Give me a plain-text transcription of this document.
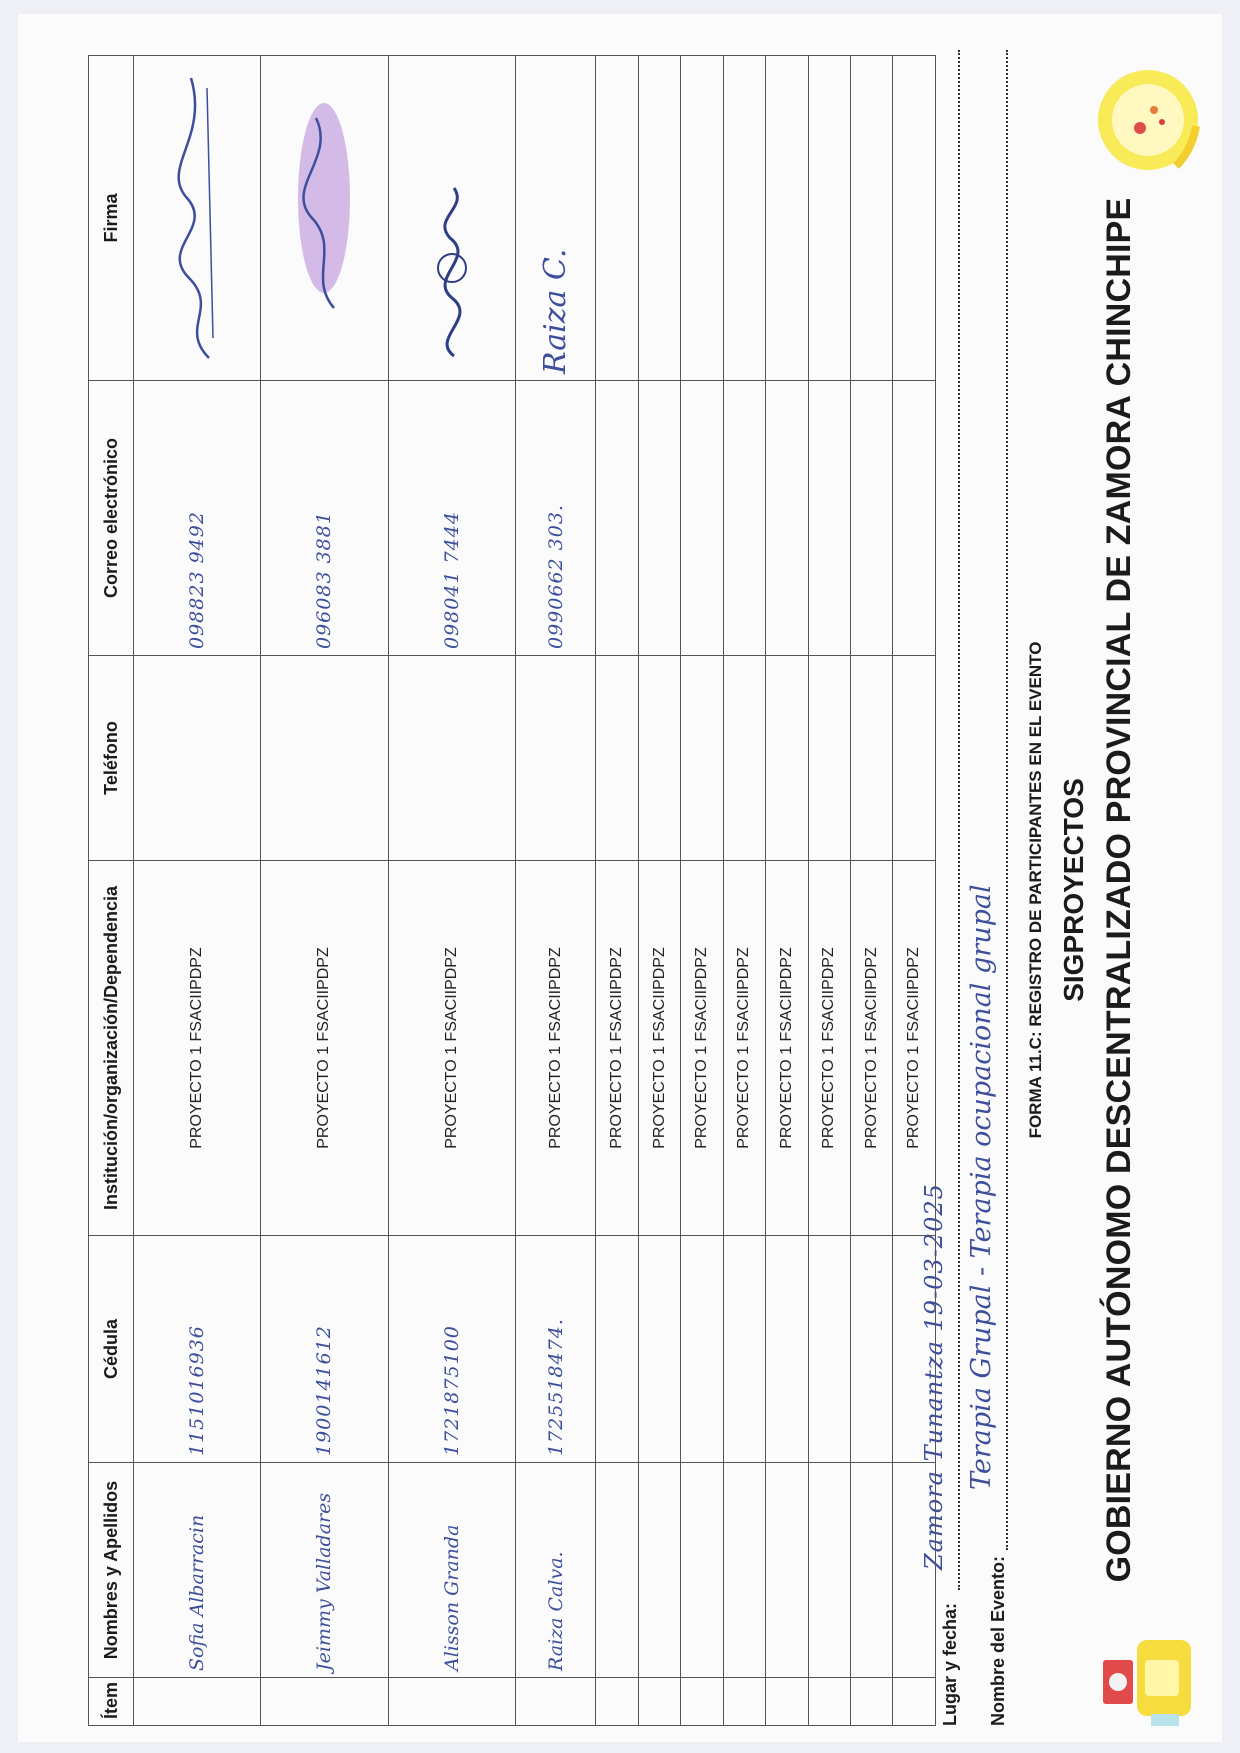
GOBIERNO AUTÓNOMO DESCENTRALIZADO PROVINCIAL DE ZAMORA CHINCHIPE
SIGPROYECTOS
FORMA 11.C: REGISTRO DE PARTICIPANTES EN EL EVENTO
Nombre del Evento:
Terapia Grupal - Terapia ocupacional grupal
Lugar y fecha:
Zamora Tunantza 19-03-2025
Ítem	Nombres y Apellidos	Cédula	Institución/organización/Dependencia	Teléfono	Correo electrónico	Firma
	Sofia Albarracin	1151016936	PROYECTO 1 FSACIIPDPZ		098823 9492	

	Jeimmy Valladares	1900141612	PROYECTO 1 FSACIIPDPZ		096083 3881	

	Alisson Granda	1721875100	PROYECTO 1 FSACIIPDPZ		098041 7444	

	Raiza Calva.	1725518474.	PROYECTO 1 FSACIIPDPZ		0990662 303.	Raiza C.
			PROYECTO 1 FSACIIPDPZ			
			PROYECTO 1 FSACIIPDPZ			
			PROYECTO 1 FSACIIPDPZ			
			PROYECTO 1 FSACIIPDPZ			
			PROYECTO 1 FSACIIPDPZ			
			PROYECTO 1 FSACIIPDPZ			
			PROYECTO 1 FSACIIPDPZ			
			PROYECTO 1 FSACIIPDPZ			
